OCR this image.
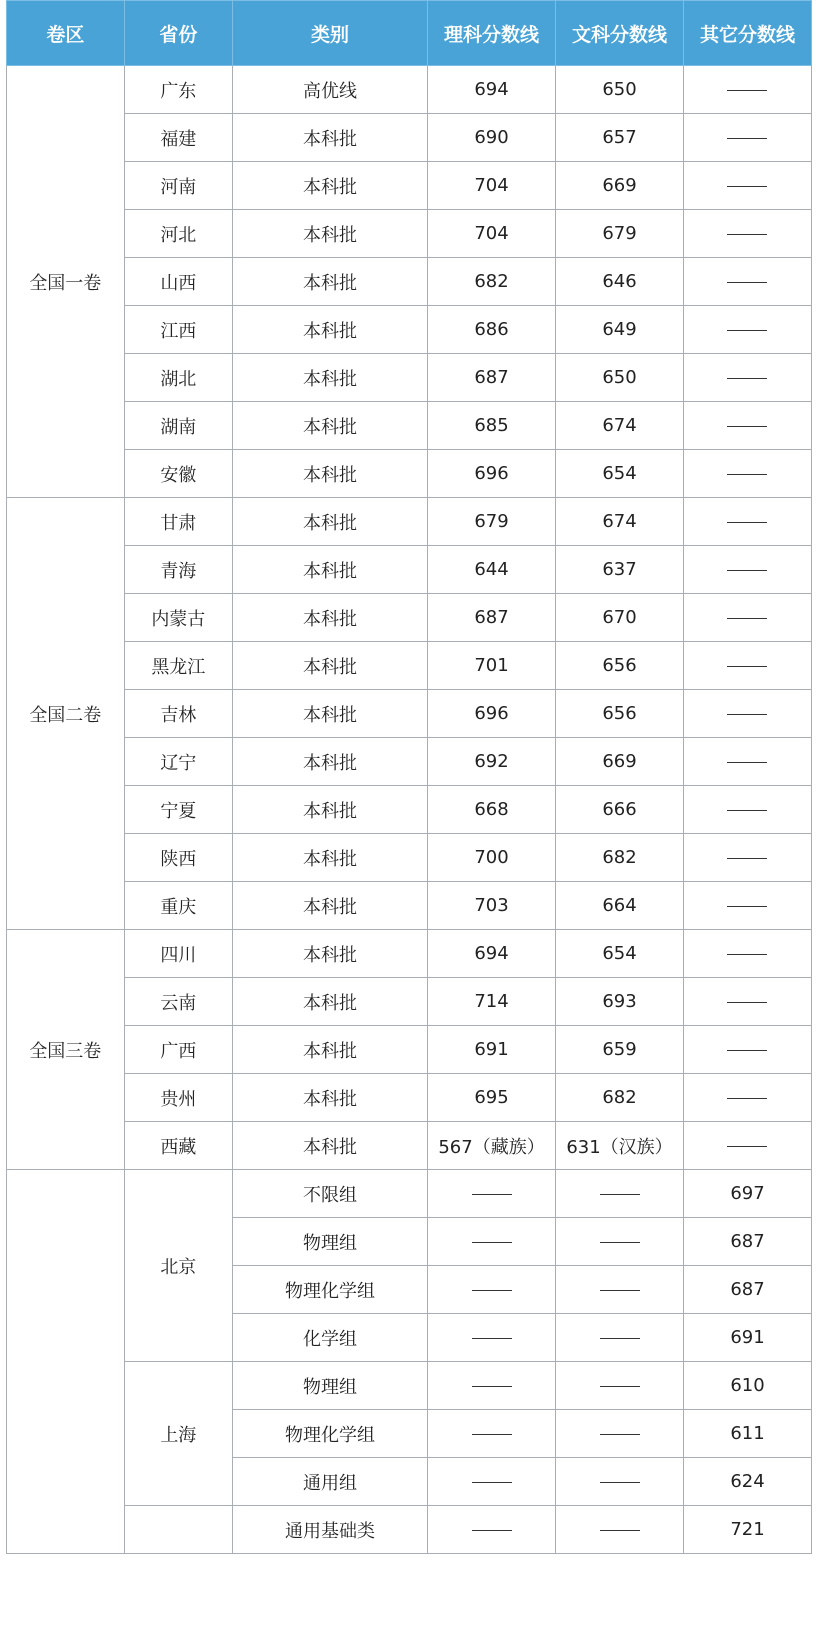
卷区	省份	类别	理科分数线	文科分数线	其它分数线
全国一卷	广东	高优线	694	650	
	福建	本科批	690	657	
	河南	本科批	704	669	
	河北	本科批	704	679	
	山西	本科批	682	646	
	江西	本科批	686	649	
	湖北	本科批	687	650	
	湖南	本科批	685	674	
	安徽	本科批	696	654	
全国二卷	甘肃	本科批	679	674	
	青海	本科批	644	637	
	内蒙古	本科批	687	670	
	黑龙江	本科批	701	656	
	吉林	本科批	696	656	
	辽宁	本科批	692	669	
	宁夏	本科批	668	666	
	陕西	本科批	700	682	
	重庆	本科批	703	664	
全国三卷	四川	本科批	694	654	
	云南	本科批	714	693	
	广西	本科批	691	659	
	贵州	本科批	695	682	
	西藏	本科批	567（藏族）	631（汉族）	
	北京	不限组			697
		物理组			687
		物理化学组			687
		化学组			691
	上海	物理组			610
		物理化学组			611
		通用组			624
		通用基础类			721
